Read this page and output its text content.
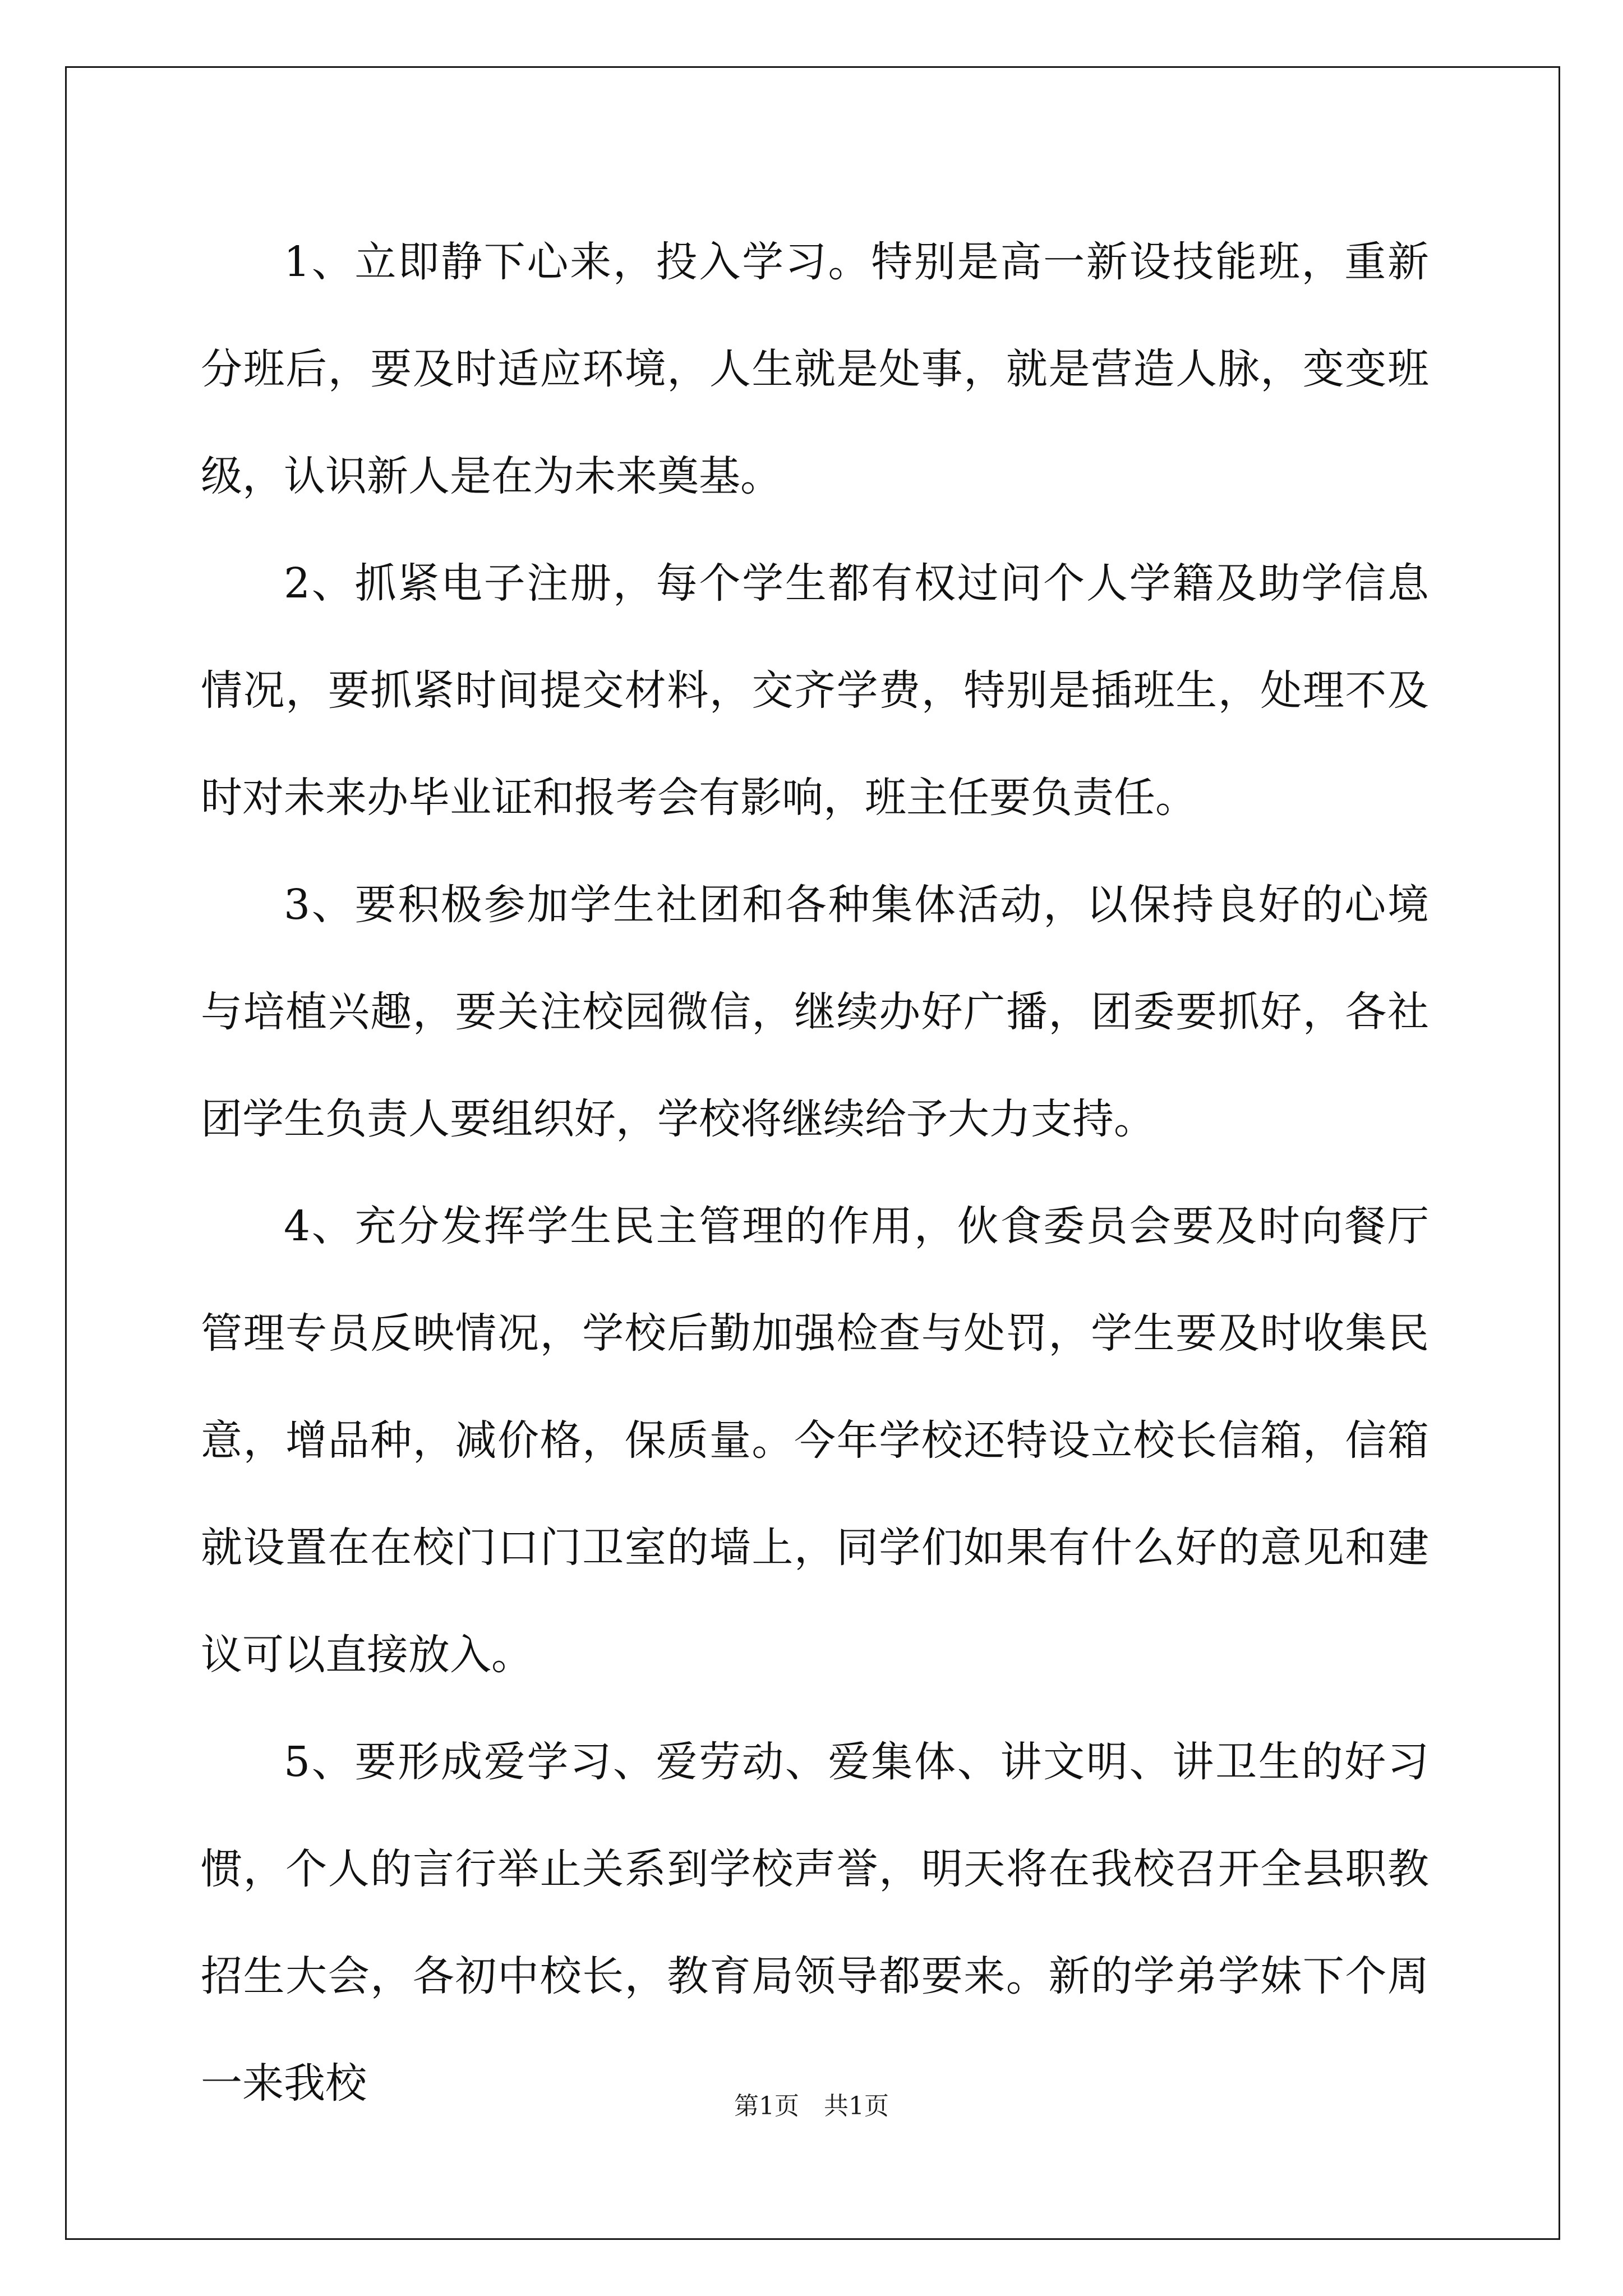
1、立即静下心来，投入学习。特别是高一新设技能班，重新分班后，要及时适应环境，人生就是处事，就是营造人脉，变变班级，认识新人是在为未来奠基。

2、抓紧电子注册，每个学生都有权过问个人学籍及助学信息情况，要抓紧时间提交材料，交齐学费，特别是插班生，处理不及时对未来办毕业证和报考会有影响，班主任要负责任。

3、要积极参加学生社团和各种集体活动，以保持良好的心境与培植兴趣，要关注校园微信，继续办好广播，团委要抓好，各社团学生负责人要组织好，学校将继续给予大力支持。

4、充分发挥学生民主管理的作用，伙食委员会要及时向餐厅管理专员反映情况，学校后勤加强检查与处罚，学生要及时收集民意，增品种，减价格，保质量。今年学校还特设立校长信箱，信箱就设置在在校门口门卫室的墙上，同学们如果有什么好的意见和建议可以直接放入。

5、要形成爱学习、爱劳动、爱集体、讲文明、讲卫生的好习惯，个人的言行举止关系到学校声誉，明天将在我校召开全县职教招生大会，各初中校长，教育局领导都要来。新的学弟学妹下个周一来我校	第1页　共1页
